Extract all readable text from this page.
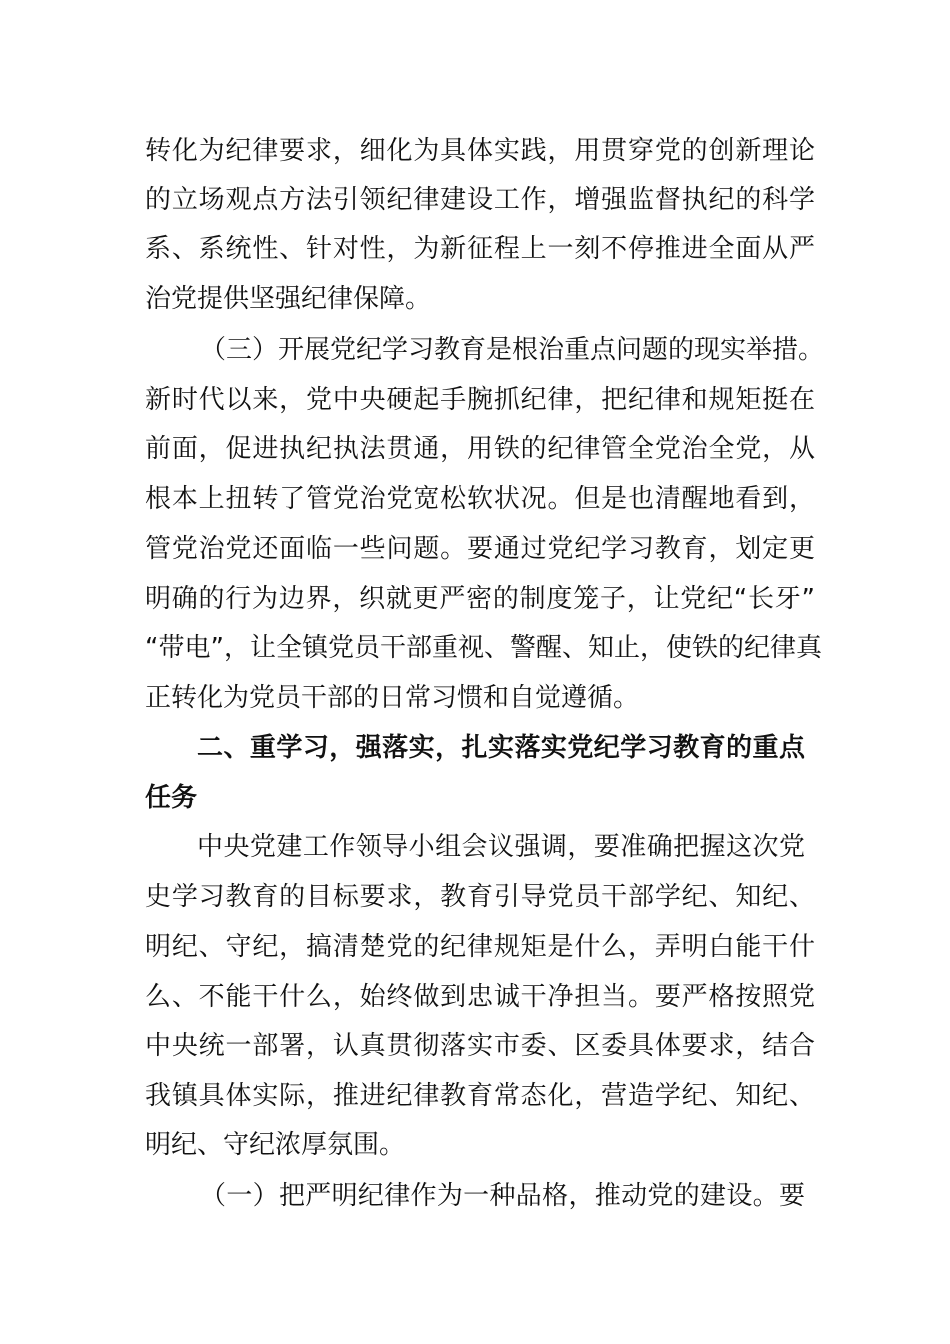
转化为纪律要求，细化为具体实践，用贯穿党的创新理论
的立场观点方法引领纪律建设工作，增强监督执纪的科学
系、系统性、针对性，为新征程上一刻不停推进全面从严
治党提供坚强纪律保障。
（三）开展党纪学习教育是根治重点问题的现实举措。
新时代以来，党中央硬起手腕抓纪律，把纪律和规矩挺在
前面，促进执纪执法贯通，用铁的纪律管全党治全党，从
根本上扭转了管党治党宽松软状况。但是也清醒地看到，
管党治党还面临一些问题。要通过党纪学习教育，划定更
明确的行为边界，织就更严密的制度笼子，让党纪“长牙”
“带电”，让全镇党员干部重视、警醒、知止，使铁的纪律真
正转化为党员干部的日常习惯和自觉遵循。
二、重学习，强落实，扎实落实党纪学习教育的重点
任务
中央党建工作领导小组会议强调，要准确把握这次党
史学习教育的目标要求，教育引导党员干部学纪、知纪、
明纪、守纪，搞清楚党的纪律规矩是什么，弄明白能干什
么、不能干什么，始终做到忠诚干净担当。要严格按照党
中央统一部署，认真贯彻落实市委、区委具体要求，结合
我镇具体实际，推进纪律教育常态化，营造学纪、知纪、
明纪、守纪浓厚氛围。
（一）把严明纪律作为一种品格，推动党的建设。要
